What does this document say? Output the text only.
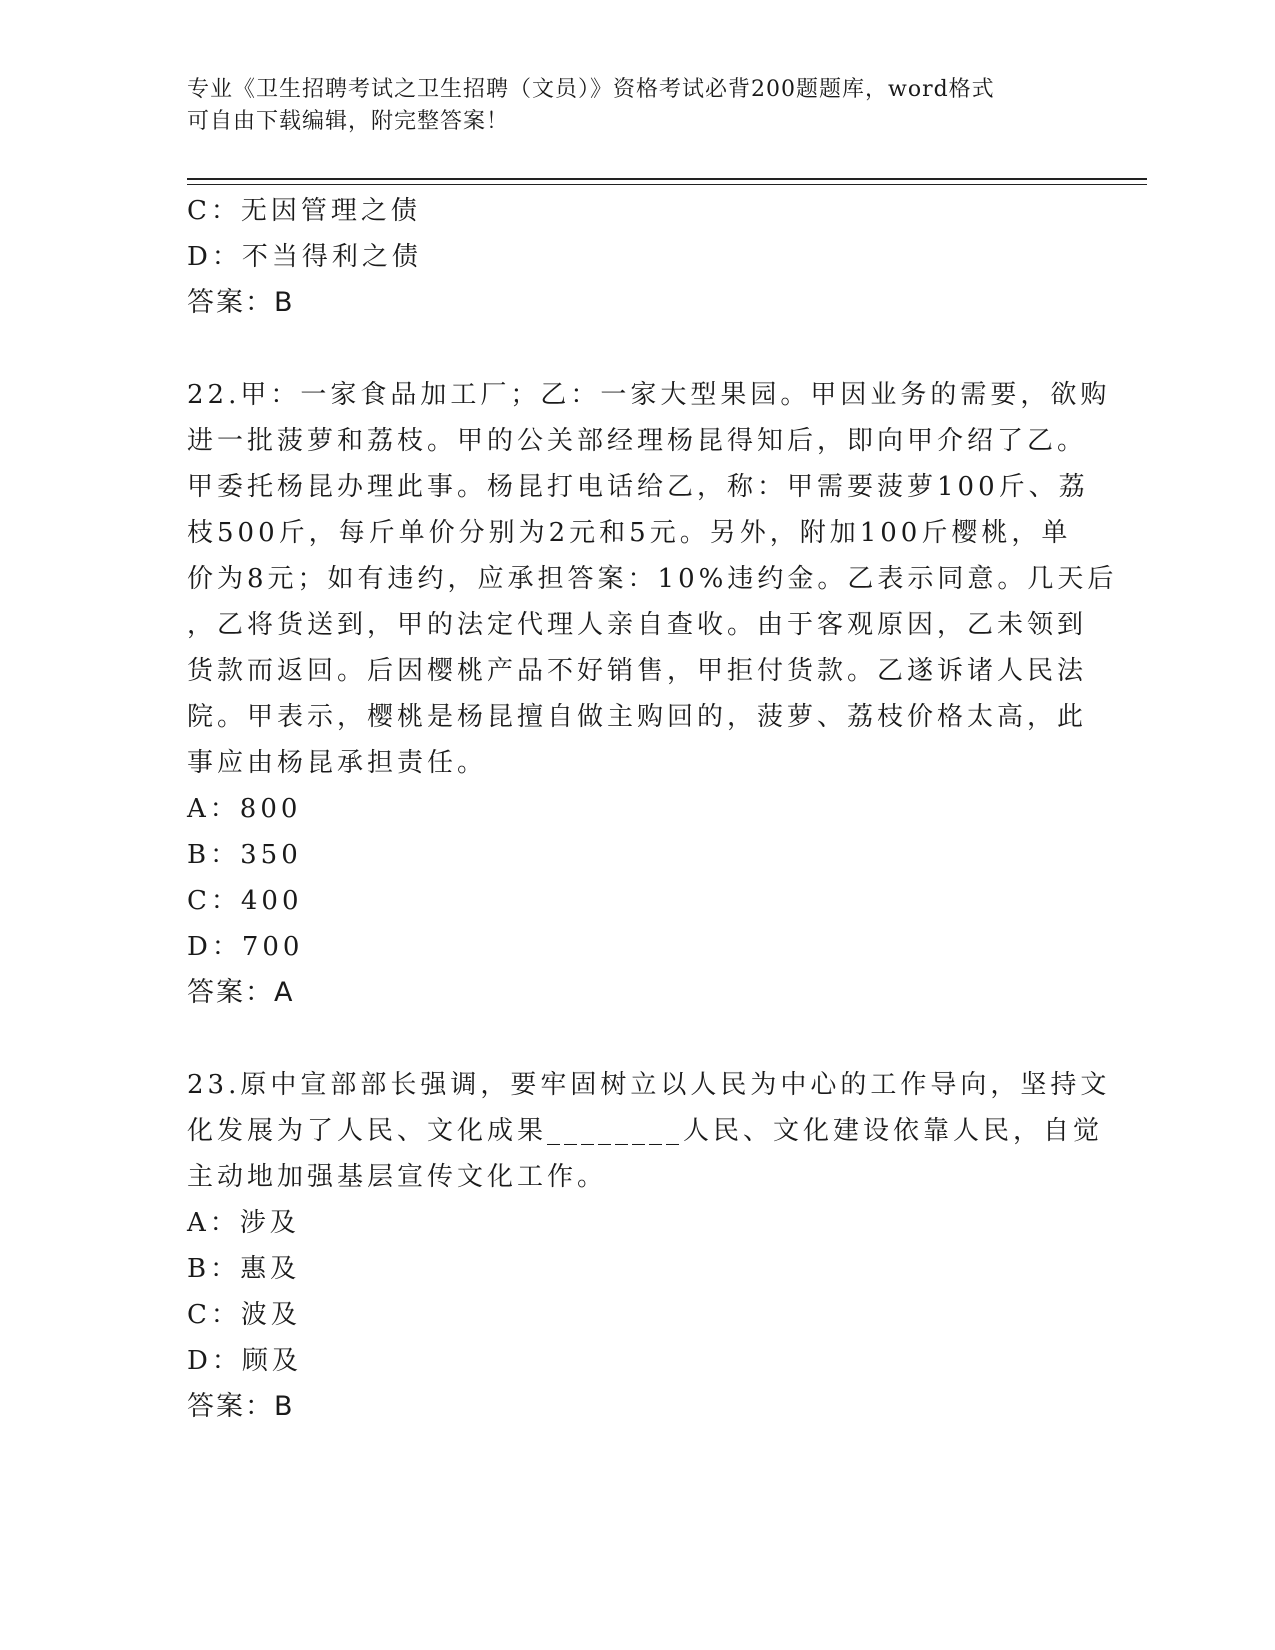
专业《卫生招聘考试之卫生招聘（文员）》资格考试必背200题题库，word格式
可自由下载编辑，附完整答案！
C：无因管理之债
D：不当得利之债
答案：B
22.甲：一家食品加工厂；乙：一家大型果园。甲因业务的需要，欲购
进一批菠萝和荔枝。甲的公关部经理杨昆得知后，即向甲介绍了乙。
甲委托杨昆办理此事。杨昆打电话给乙，称：甲需要菠萝100斤、荔
枝500斤，每斤单价分别为2元和5元。另外，附加100斤樱桃，单
价为8元；如有违约，应承担答案：10%违约金。乙表示同意。几天后
，乙将货送到，甲的法定代理人亲自查收。由于客观原因，乙未领到
货款而返回。后因樱桃产品不好销售，甲拒付货款。乙遂诉诸人民法
院。甲表示，樱桃是杨昆擅自做主购回的，菠萝、荔枝价格太高，此
事应由杨昆承担责任。
A：800
B：350
C：400
D：700
答案：A
23.原中宣部部长强调，要牢固树立以人民为中心的工作导向，坚持文
化发展为了人民、文化成果________人民、文化建设依靠人民，自觉
主动地加强基层宣传文化工作。
A：涉及
B：惠及
C：波及
D：顾及
答案：B
